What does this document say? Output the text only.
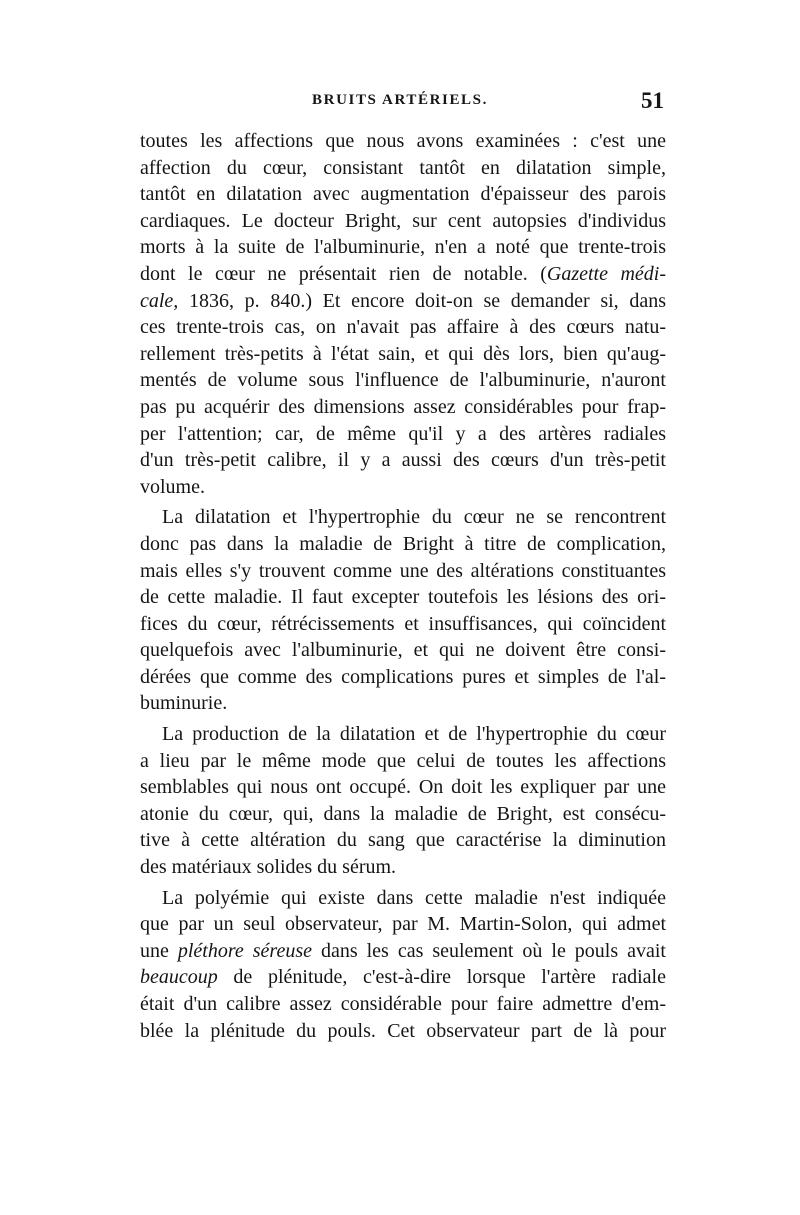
BRUITS ARTÉRIELS.	51
toutes les affections que nous avons examinées : c'est une
affection du cœur, consistant tantôt en dilatation simple,
tantôt en dilatation avec augmentation d'épaisseur des parois
cardiaques. Le docteur Bright, sur cent autopsies d'individus
morts à la suite de l'albuminurie, n'en a noté que trente-trois
dont le cœur ne présentait rien de notable. (Gazette médi-
cale, 1836, p. 840.) Et encore doit-on se demander si, dans
ces trente-trois cas, on n'avait pas affaire à des cœurs natu-
rellement très-petits à l'état sain, et qui dès lors, bien qu'aug-
mentés de volume sous l'influence de l'albuminurie, n'auront
pas pu acquérir des dimensions assez considérables pour frap-
per l'attention; car, de même qu'il y a des artères radiales
d'un très-petit calibre, il y a aussi des cœurs d'un très-petit
volume.
La dilatation et l'hypertrophie du cœur ne se rencontrent
donc pas dans la maladie de Bright à titre de complication,
mais elles s'y trouvent comme une des altérations constituantes
de cette maladie. Il faut excepter toutefois les lésions des ori-
fices du cœur, rétrécissements et insuffisances, qui coïncident
quelquefois avec l'albuminurie, et qui ne doivent être consi-
dérées que comme des complications pures et simples de l'al-
buminurie.
La production de la dilatation et de l'hypertrophie du cœur
a lieu par le même mode que celui de toutes les affections
semblables qui nous ont occupé. On doit les expliquer par une
atonie du cœur, qui, dans la maladie de Bright, est consécu-
tive à cette altération du sang que caractérise la diminution
des matériaux solides du sérum.
La polyémie qui existe dans cette maladie n'est indiquée
que par un seul observateur, par M. Martin-Solon, qui admet
une pléthore séreuse dans les cas seulement où le pouls avait
beaucoup de plénitude, c'est-à-dire lorsque l'artère radiale
était d'un calibre assez considérable pour faire admettre d'em-
blée la plénitude du pouls. Cet observateur part de là pour
